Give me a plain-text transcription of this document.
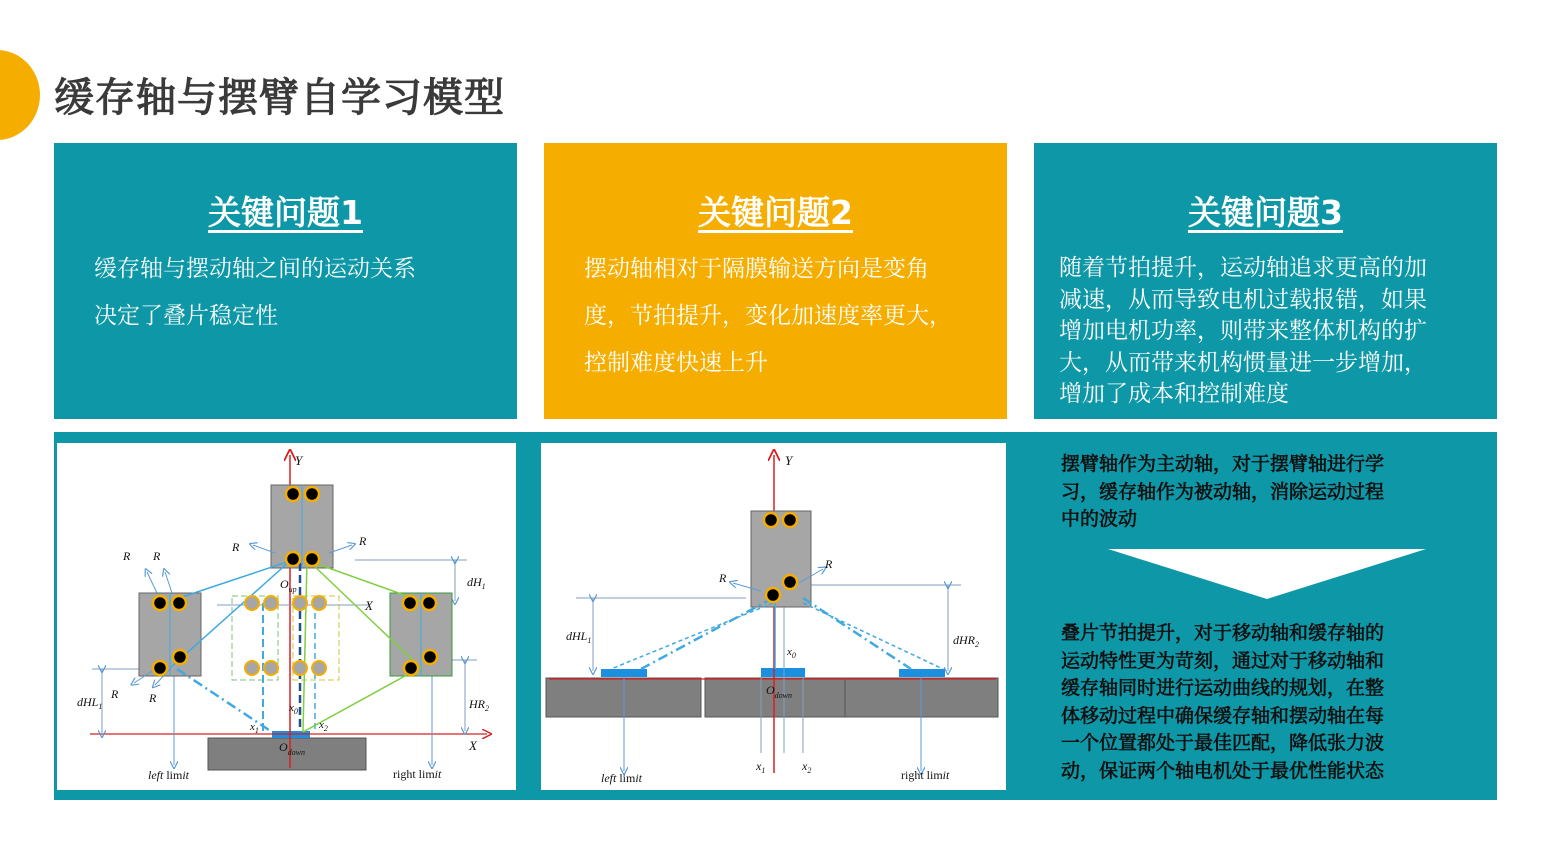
缓存轴与摆臂自学习模型
关键问题1
缓存轴与摆动轴之间的运动关系
决定了叠片稳定性
关键问题2
摆动轴相对于隔膜输送方向是变角
度，节拍提升，变化加速度率更大，
控制难度快速上升
关键问题3
随着节拍提升，运动轴追求更高的加
减速，从而导致电机过载报错，如果
增加电机功率，则带来整体机构的扩
大，从而带来机构惯量进一步增加，
增加了成本和控制难度
Y
X
X
R R
R	R
R	R
$O_{up}$
$O_{down}$
$dH_1$
dHL$_1$	$HR_2$
$x_0$
$x_1$	$x_2$
left limit	right limit
Y
R
R
dHL$_1$	dHR$_2$
$x_0$
$O_{down}$
$x_1$	$x_2$
left limit	right limit
摆臂轴作为主动轴，对于摆臂轴进行学
习，缓存轴作为被动轴，消除运动过程
中的波动
叠片节拍提升，对于移动轴和缓存轴的
运动特性更为苛刻，通过对于移动轴和
缓存轴同时进行运动曲线的规划，在整
体移动过程中确保缓存轴和摆动轴在每
一个位置都处于最佳匹配，降低张力波
动，保证两个轴电机处于最优性能状态
